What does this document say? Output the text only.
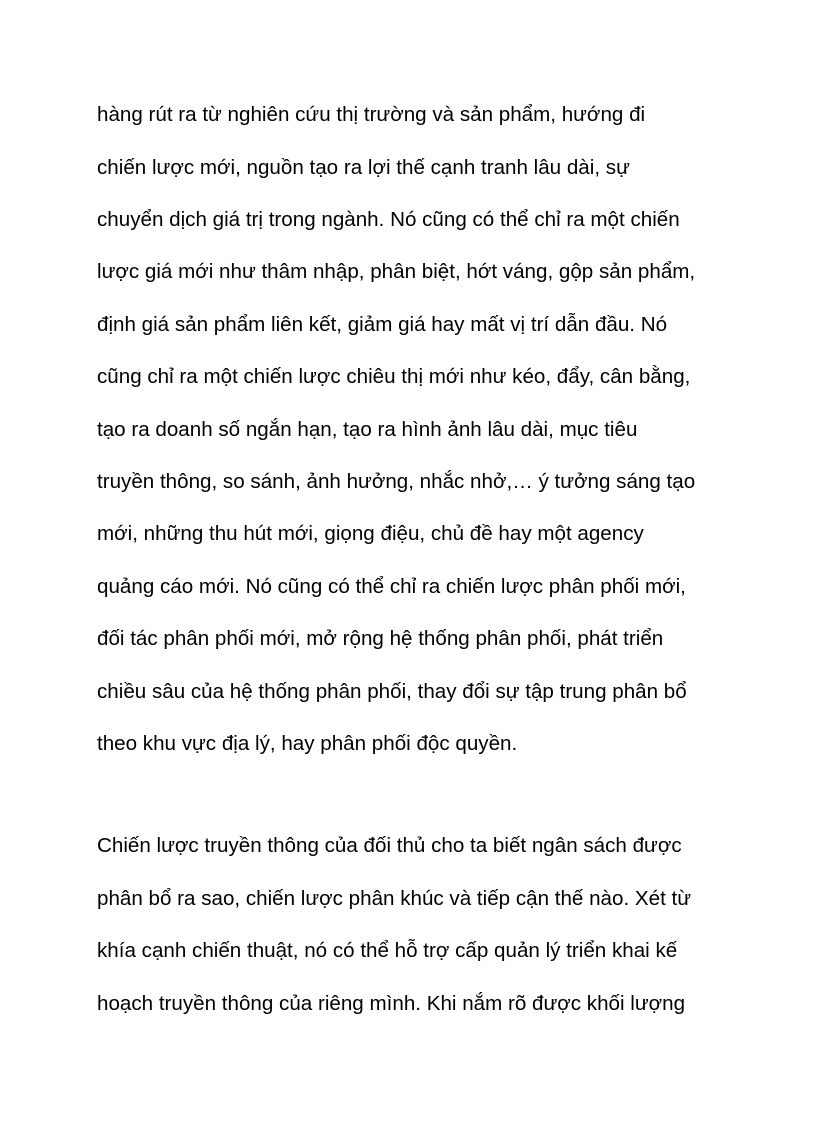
hàng rút ra từ nghiên cứu thị trường và sản phẩm, hướng đi

chiến lược mới, nguồn tạo ra lợi thế cạnh tranh lâu dài, sự

chuyển dịch giá trị trong ngành. Nó cũng có thể chỉ ra một chiến

lược giá mới như thâm nhập, phân biệt, hớt váng, gộp sản phẩm,

định giá sản phẩm liên kết, giảm giá hay mất vị trí dẫn đầu. Nó

cũng chỉ ra một chiến lược chiêu thị mới như kéo, đẩy, cân bằng,

tạo ra doanh số ngắn hạn, tạo ra hình ảnh lâu dài, mục tiêu

truyền thông, so sánh, ảnh hưởng, nhắc nhở,… ý tưởng sáng tạo

mới, những thu hút mới, giọng điệu, chủ đề hay một agency

quảng cáo mới. Nó cũng có thể chỉ ra chiến lược phân phối mới,

đối tác phân phối mới, mở rộng hệ thống phân phối, phát triển

chiều sâu của hệ thống phân phối, thay đổi sự tập trung phân bổ

theo khu vực địa lý, hay phân phối độc quyền.

Chiến lược truyền thông của đối thủ cho ta biết ngân sách được

phân bổ ra sao, chiến lược phân khúc và tiếp cận thế nào. Xét từ

khía cạnh chiến thuật, nó có thể hỗ trợ cấp quản lý triển khai kế

hoạch truyền thông của riêng mình. Khi nắm rõ được khối lượng
